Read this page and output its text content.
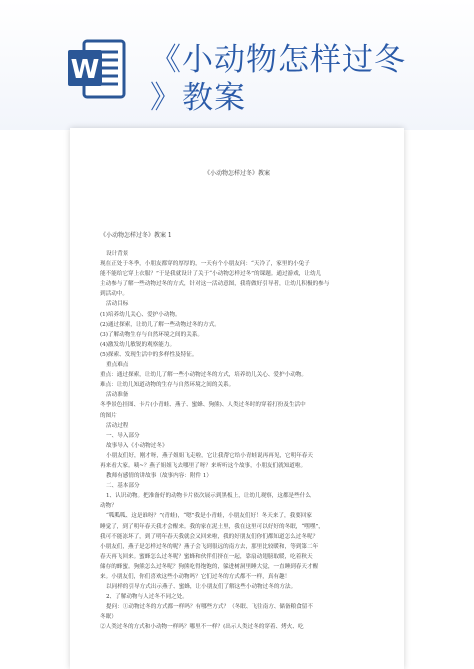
W 《小动物怎样过冬
》教案
《小动物怎样过冬》教案
《小动物怎样过冬》教案 1

设计背景

现在正处于冬季，小朋友都穿的厚厚的，一天有个小朋友问：“天冷了，家里的小兔子

能不能给它穿上衣服？”于是我就设计了关于“小动物怎样过冬”的课题。通过游戏，让幼儿

主动参与了解一些动物过冬的方式，针对这一活动意图，我将做好引导者，让幼儿积极的参与

到活动中。

活动目标

(1)培养幼儿关心、爱护小动物。

(2)通过探索，让幼儿了解一些动物过冬的方式。

(3)了解动物生存与自然环境之间的关系。

(4)激发幼儿敏锐的观察能力。

(5)探索、发现生活中的多样性及特征。

重点难点

重点：通过探索，让幼儿了解一些小动物过冬的方式，培养幼儿关心、爱护小动物。

难点：让幼儿知道动物的生存与自然环境之间的关系。

活动准备

冬季景色挂图、卡片(小青蛙、燕子、蜜蜂、狗熊)、人类过冬时的穿着打扮及生活中

的图片

活动过程

一、导入部分

故事导入《小动物过冬》

小朋友们好，刚才呀，燕子姐姐飞走啦，它让我帮它给小青蛙说再再见，它明年春天

再来看大家。咦~？燕子姐姐飞去哪里了呀？来听听这个故事，小朋友们就知道啦。

教师有感情的讲故事（故事内容：附件 1）

二、基本部分

1、认识动物。把准备好的动物卡片依次展示到黑板上，让幼儿观察，这都是些什么

动物？

“呱呱呱、这是谁呀？”(青蛙)，“嗯”我是小青蛙，小朋友们好！冬天来了，我要回家

睡觉了，到了明年春天我才会醒来。我的家在泥土里，我在这里可以好好的冬眠，“嘿嘿”，

我可不能冻坏了，到了明年春天我就会又回来啦，我的好朋友们你们都知道怎么过冬呢？

小朋友们，燕子是怎样过冬的呢？燕子会飞到很远的南方去，那里比较暖和，等到第二年

春天再飞回来。蜜蜂怎么过冬呢？蜜蜂和伙伴们挤在一起，靠扇动翅膀取暖，吃着秋天

储存的蜂蜜。狗熊怎么过冬呢？狗熊吃得饱饱的，躲进树洞里睡大觉，一直睡到春天才醒

来。小朋友们，你们喜欢这些小动物吗？它们过冬的方式都不一样，真有趣！

以同样的引导方式出示燕子、蜜蜂，让小朋友们了解这些小动物过冬的方法。

2、了解动物与人过冬不同之处。

提问：①动物过冬的方式都一样吗？有哪些方式？（冬眠、飞往南方、储备粮食留不

冬眠）

②人类过冬的方式和小动物一样吗？哪里不一样？(出示人类过冬的穿着、烤火、吃
